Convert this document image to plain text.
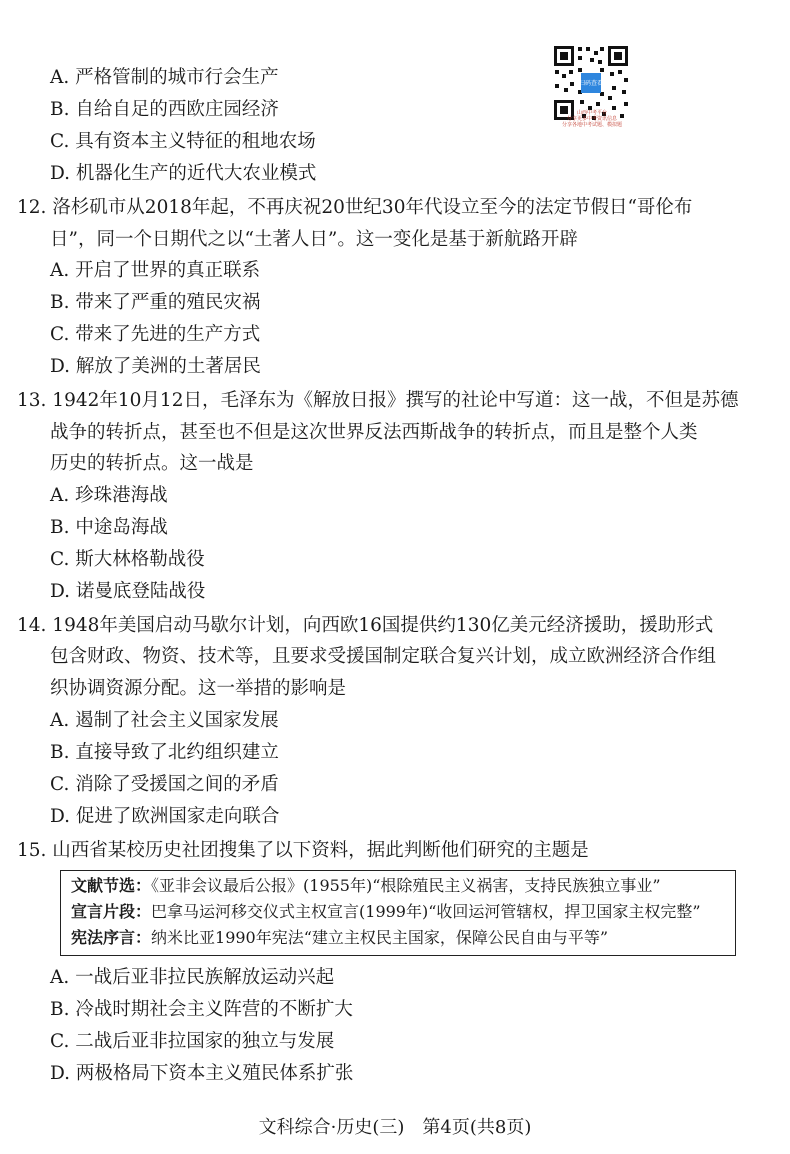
扫码查看
山西中考平台
分享更多中考资讯信息
分享各地中考试题、模拟题
A. 严格管制的城市行会生产
B. 自给自足的西欧庄园经济
C. 具有资本主义特征的租地农场
D. 机器化生产的近代大农业模式
12. 洛杉矶市从2018年起，不再庆祝20世纪30年代设立至今的法定节假日“哥伦布
日”，同一个日期代之以“土著人日”。这一变化是基于新航路开辟
A. 开启了世界的真正联系
B. 带来了严重的殖民灾祸
C. 带来了先进的生产方式
D. 解放了美洲的土著居民
13. 1942年10月12日，毛泽东为《解放日报》撰写的社论中写道：这一战，不但是苏德
战争的转折点，甚至也不但是这次世界反法西斯战争的转折点，而且是整个人类
历史的转折点。这一战是
A. 珍珠港海战
B. 中途岛海战
C. 斯大林格勒战役
D. 诺曼底登陆战役
14. 1948年美国启动马歇尔计划，向西欧16国提供约130亿美元经济援助，援助形式
包含财政、物资、技术等，且要求受援国制定联合复兴计划，成立欧洲经济合作组
织协调资源分配。这一举措的影响是
A. 遏制了社会主义国家发展
B. 直接导致了北约组织建立
C. 消除了受援国之间的矛盾
D. 促进了欧洲国家走向联合
15. 山西省某校历史社团搜集了以下资料，据此判断他们研究的主题是
文献节选：《亚非会议最后公报》(1955年)“根除殖民主义祸害，支持民族独立事业”
宣言片段：巴拿马运河移交仪式主权宣言(1999年)“收回运河管辖权，捍卫国家主权完整”
宪法序言：纳米比亚1990年宪法“建立主权民主国家，保障公民自由与平等”
A. 一战后亚非拉民族解放运动兴起
B. 冷战时期社会主义阵营的不断扩大
C. 二战后亚非拉国家的独立与发展
D. 两极格局下资本主义殖民体系扩张
文科综合·历史(三)　第4页(共8页)
